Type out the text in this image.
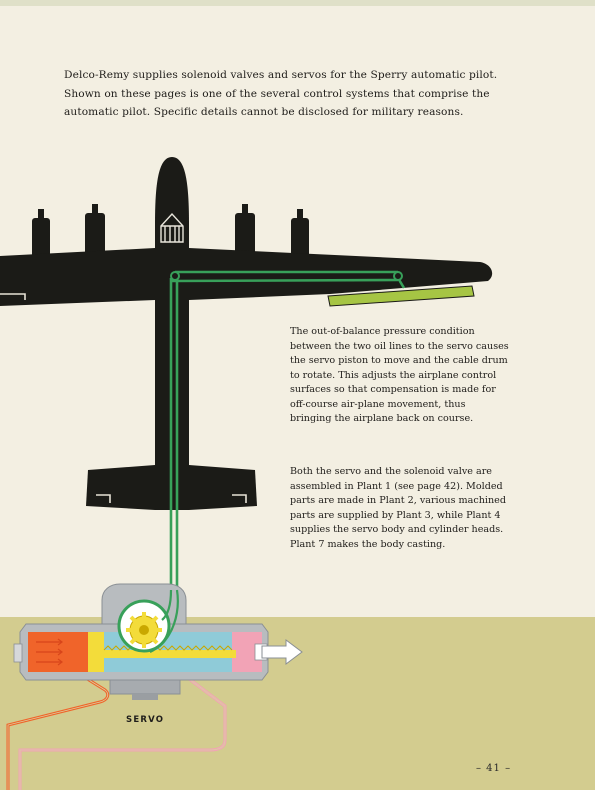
Delco-Remy supplies solenoid valves and servos for the Sperry automatic pilot. Shown on these pages is one of the several control systems that comprise the automatic pilot. Specific details cannot be disclosed for military reasons.

The out-of-balance pressure condition between the two oil lines to the servo causes the servo piston to move and the cable drum to rotate. This adjusts the airplane control surfaces so that compensation is made for off-course air-plane movement, thus bringing the airplane back on course.

Both the servo and the solenoid valve are assembled in Plant 1 (see page 42). Molded parts are made in Plant 2, various machined parts are supplied by Plant 3, while Plant 4 supplies the servo body and cylinder heads. Plant 7 makes the body casting.

SERVO
– 41 –
